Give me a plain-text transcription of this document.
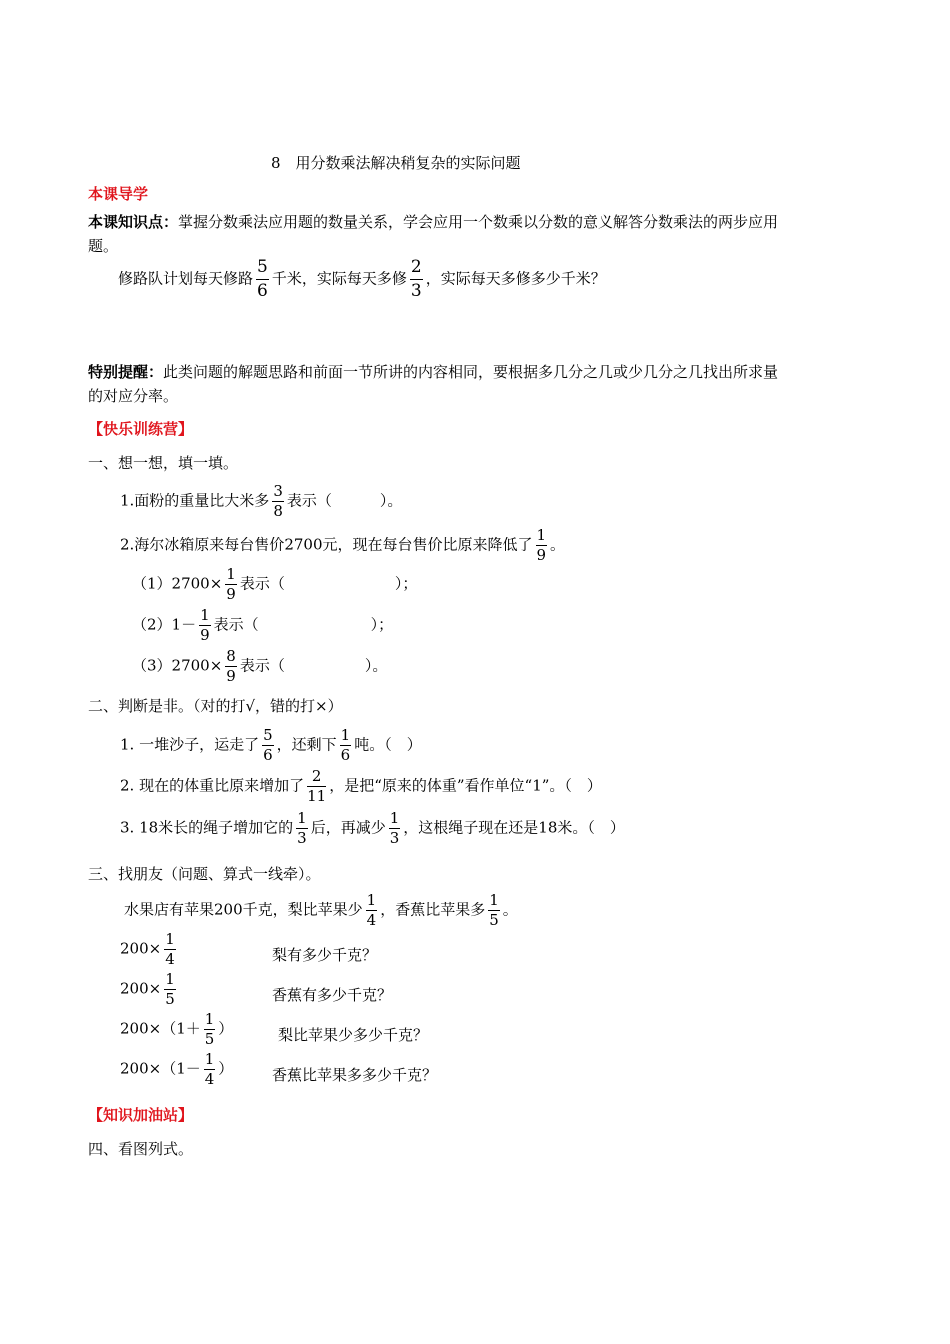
8　用分数乘法解决稍复杂的实际问题
本课导学
本课知识点：掌握分数乘法应用题的数量关系，学会应用一个数乘以分数的意义解答分数乘法的两步应用
题。
修路队计划每天修路 $\frac{5}{6}$ 千米，实际每天多修 $\frac{2}{3}$ ，实际每天多修多少千米？
特别提醒：此类问题的解题思路和前面一节所讲的内容相同，要根据多几分之几或少几分之几找出所求量
的对应分率。
【快乐训练营】
一、想一想，填一填。
1.面粉的重量比大米多 $\frac{3}{8}$ 表示（	）。
2.海尔冰箱原来每台售价2700元，现在每台售价比原来降低了 $\frac{1}{9}$ 。
$(1)2700\times \frac{1}{9}$ 表示（	）；
$(2)1- \frac{1}{9}$ 表示（	）；
$(3)2700\times \frac{8}{9}$ 表示（	）。
二、判断是非。（对的打√，错的打×）
1. 一堆沙子，运走了 $\frac{5}{6}$ ，还剩下 $\frac{1}{6}$ 吨。（　）
2. 现在的体重比原来增加了 $\frac{2}{11}$ ，是把“原来的体重”看作单位“1”。（　）
3. 18米长的绳子增加它的 $\frac{1}{3}$ 后，再减少 $\frac{1}{3}$ ，这根绳子现在还是18米。（　）
三、找朋友（问题、算式一线牵）。
水果店有苹果200千克，梨比苹果少 $\frac{1}{4}$ ，香蕉比苹果多 $\frac{1}{5}$ 。
$200\times \frac{1}{4}$	梨有多少千克？
$200\times \frac{1}{5}$	香蕉有多少千克？
$200\times(1+ \frac{1}{5}$ ）	梨比苹果少多少千克？
$200\times(1- \frac{1}{4}$ ）	香蕉比苹果多多少千克？
【知识加油站】
四、看图列式。
